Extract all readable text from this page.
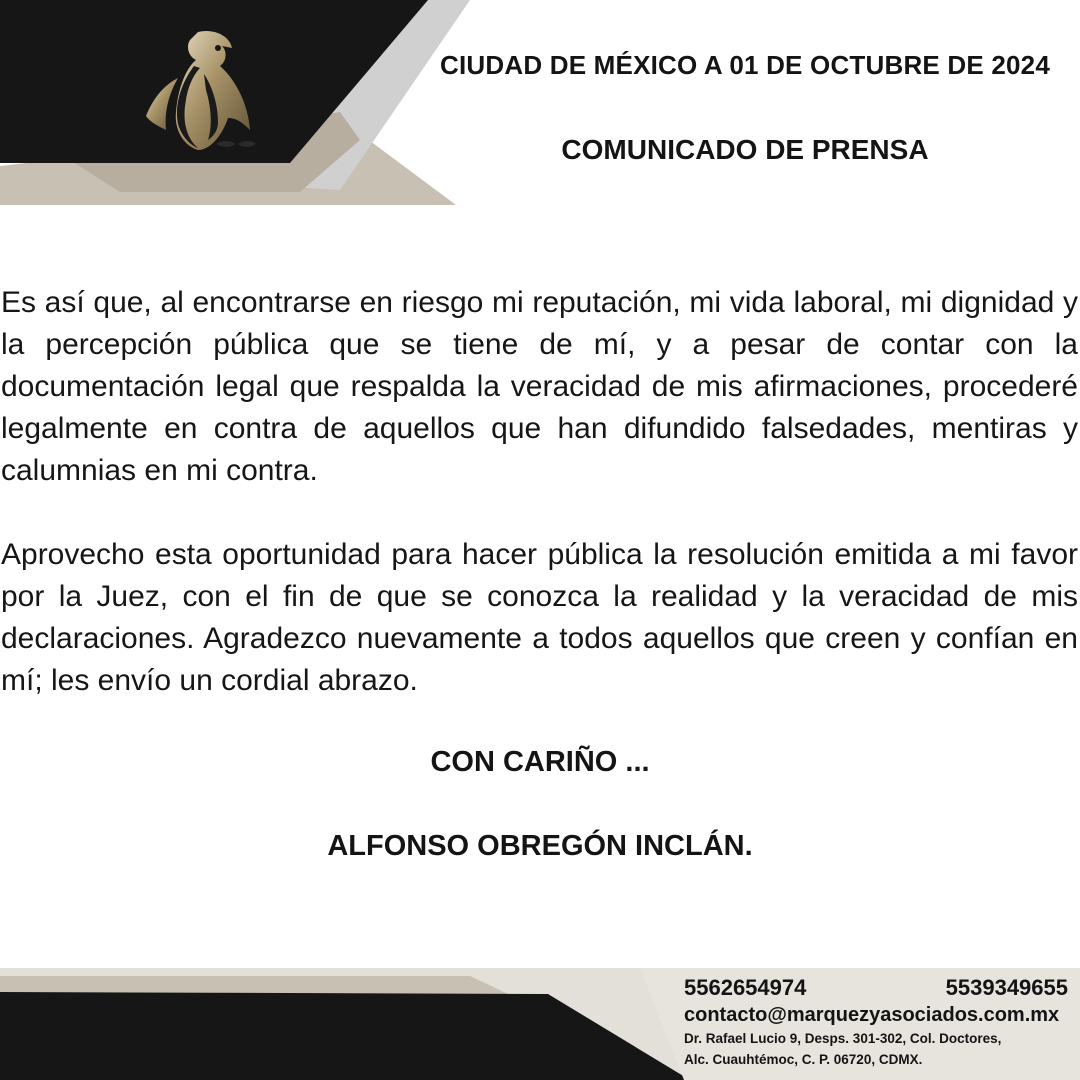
CIUDAD DE MÉXICO A 01 DE OCTUBRE DE 2024
COMUNICADO DE PRENSA

Es así que, al encontrarse en riesgo mi reputación, mi vida laboral, mi dignidad y la percepción pública que se tiene de mí, y a pesar de contar con la documentación legal que respalda la veracidad de mis afirmaciones, procederé legalmente en contra de aquellos que han difundido falsedades, mentiras y calumnias en mi contra.

Aprovecho esta oportunidad para hacer pública la resolución emitida a mi favor por la Juez, con el fin de que se conozca la realidad y la veracidad de mis declaraciones. Agradezco nuevamente a todos aquellos que creen y confían en mí; les envío un cordial abrazo.

CON CARIÑO ...
ALFONSO OBREGÓN INCLÁN.
5562654974	5539349655
contacto@marquezyasociados.com.mx
Dr. Rafael Lucio 9, Desps. 301-302, Col. Doctores,
Alc. Cuauhtémoc, C. P. 06720, CDMX.
